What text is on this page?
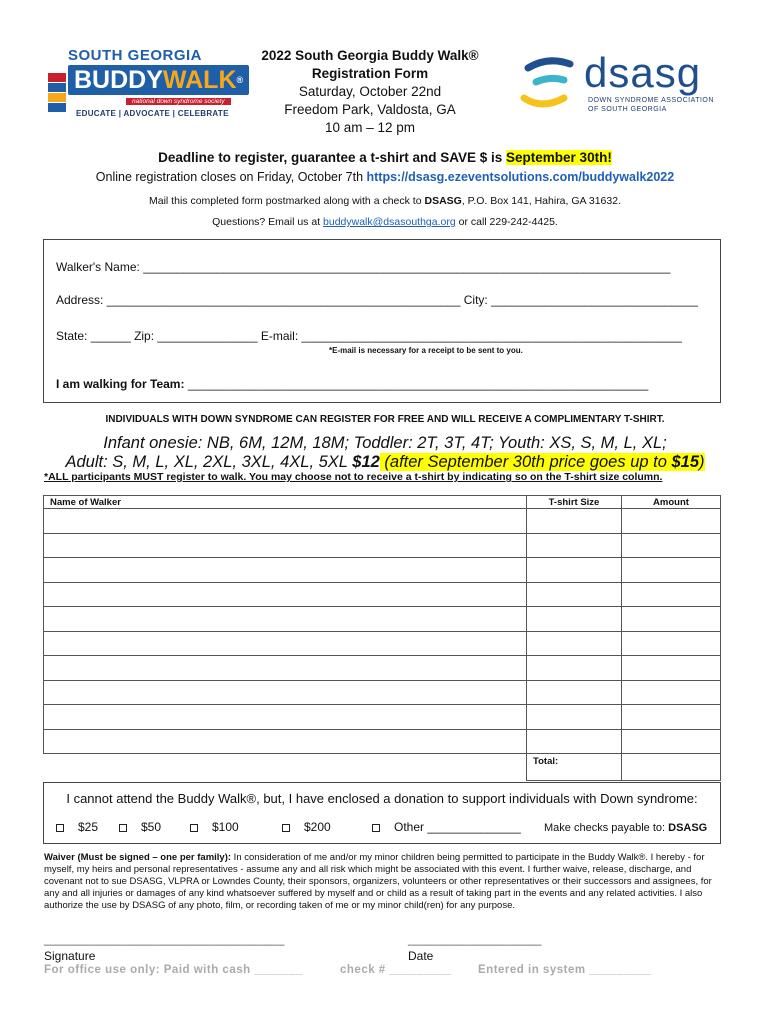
SOUTH GEORGIA
BUDDYWALK®
national down syndrome society
EDUCATE | ADVOCATE | CELEBRATE
2022 South Georgia Buddy Walk®
Registration Form
Saturday, October 22nd
Freedom Park, Valdosta, GA
10 am – 12 pm
dsasg
DOWN SYNDROME ASSOCIATION
OF SOUTH GEORGIA
Deadline to register, guarantee a t-shirt and SAVE $ is September 30th!
Online registration closes on Friday, October 7th https://dsasg.ezeventsolutions.com/buddywalk2022
Mail this completed form postmarked along with a check to DSASG, P.O. Box 141, Hahira, GA 31632.
Questions? Email us at buddywalk@dsasouthga.org or call 229-242-4425.
Walker's Name: _______________________________________________________________________________
Address: _____________________________________________________ City: _______________________________
State: ______ Zip: _______________ E-mail: _________________________________________________________
*E-mail is necessary for a receipt to be sent to you.
I am walking for Team: _____________________________________________________________________
INDIVIDUALS WITH DOWN SYNDROME CAN REGISTER FOR FREE AND WILL RECEIVE A COMPLIMENTARY T-SHIRT.
Infant onesie: NB, 6M, 12M, 18M; Toddler: 2T, 3T, 4T; Youth: XS, S, M, L, XL;
Adult: S, M, L, XL, 2XL, 3XL, 4XL, 5XL $12 (after September 30th price goes up to $15)
*ALL participants MUST register to walk. You may choose not to receive a t-shirt by indicating so on the T-shirt size column.
Name of Walker	T-shirt Size	Amount

	Total:	
I cannot attend the Buddy Walk®, but, I have enclosed a donation to support individuals with Down syndrome:
$25	$50	$100	$200	Other ______________ Make checks payable to: DSASG
Waiver (Must be signed – one per family): In consideration of me and/or my minor children being permitted to participate in the Buddy Walk®. I hereby - for myself, my heirs and personal representatives - assume any and all risk which might be associated with this event. I further waive, release, discharge, and covenant not to sue DSASG, VLPRA or Lowndes County, their sponsors, organizers, volunteers or other representatives or their successors and assignees, for any and all injuries or damages of any kind whatsoever suffered by myself and or child as a result of taking part in the events and any related activities. I also authorize the use by DSASG of any photo, film, or recording taken of me or my minor child(ren) for any purpose.
____________________________________	____________________
Signature	Date
For office use only: Paid with cash _______	check # _________ Entered in system _________
